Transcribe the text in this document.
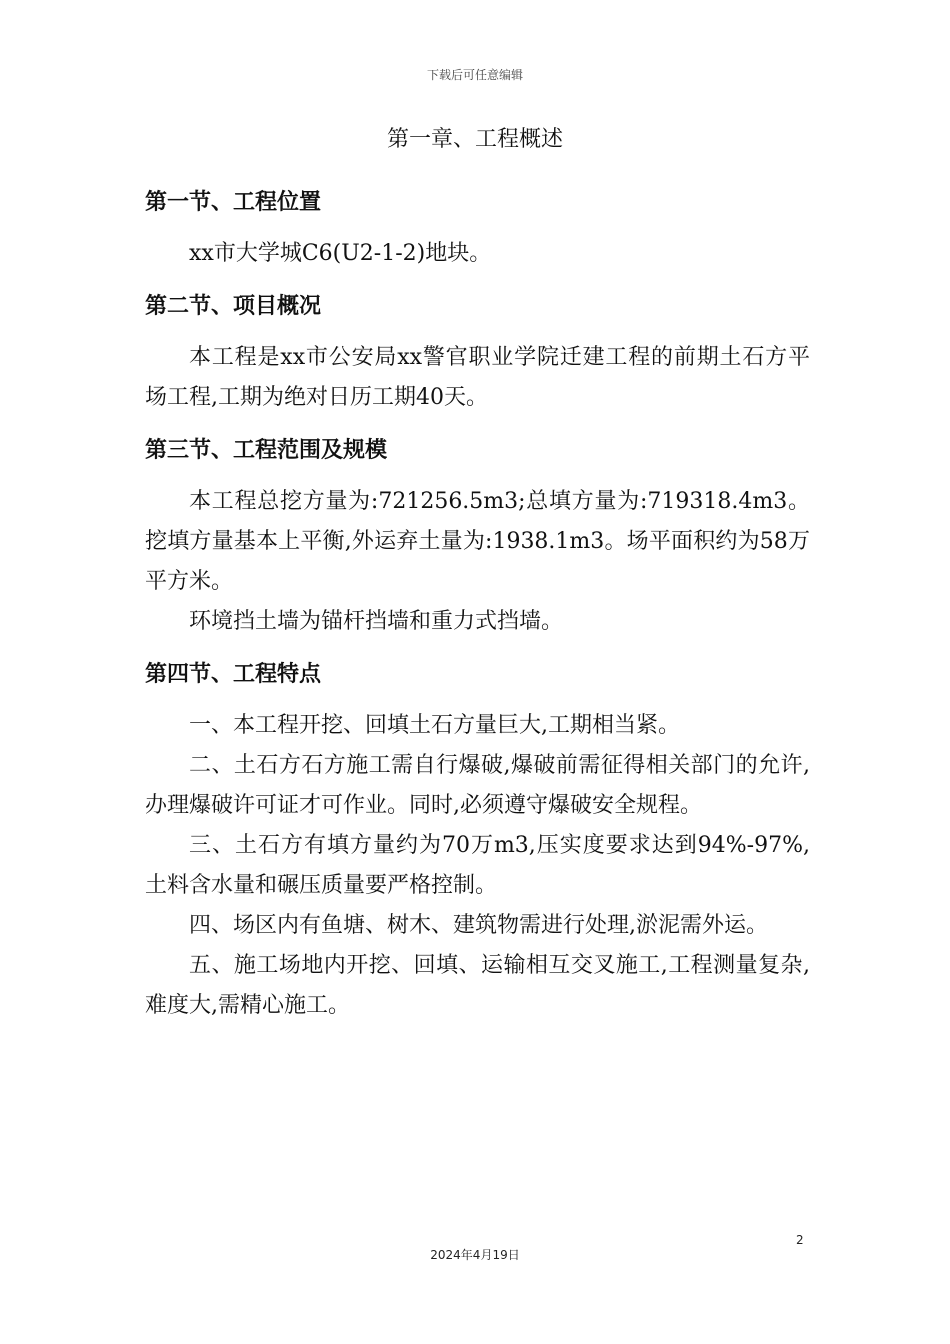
下载后可任意编辑
第一章、工程概述
第一节、工程位置

xx市大学城C6(U2-1-2)地块。

第二节、项目概况

本工程是xx市公安局xx警官职业学院迁建工程的前期土石方平场工程,工期为绝对日历工期40天。

第三节、工程范围及规模

本工程总挖方量为:721256.5m3;总填方量为:719318.4m3。挖填方量基本上平衡,外运弃土量为:1938.1m3。场平面积约为58万平方米。

环境挡土墙为锚杆挡墙和重力式挡墙。

第四节、工程特点

一、本工程开挖、回填土石方量巨大,工期相当紧。

二、土石方石方施工需自行爆破,爆破前需征得相关部门的允许,办理爆破许可证才可作业。同时,必须遵守爆破安全规程。

三、土石方有填方量约为70万m3,压实度要求达到94%-97%,土料含水量和碾压质量要严格控制。

四、场区内有鱼塘、树木、建筑物需进行处理,淤泥需外运。

五、施工场地内开挖、回填、运输相互交叉施工,工程测量复杂,难度大,需精心施工。

2
2024年4月19日
